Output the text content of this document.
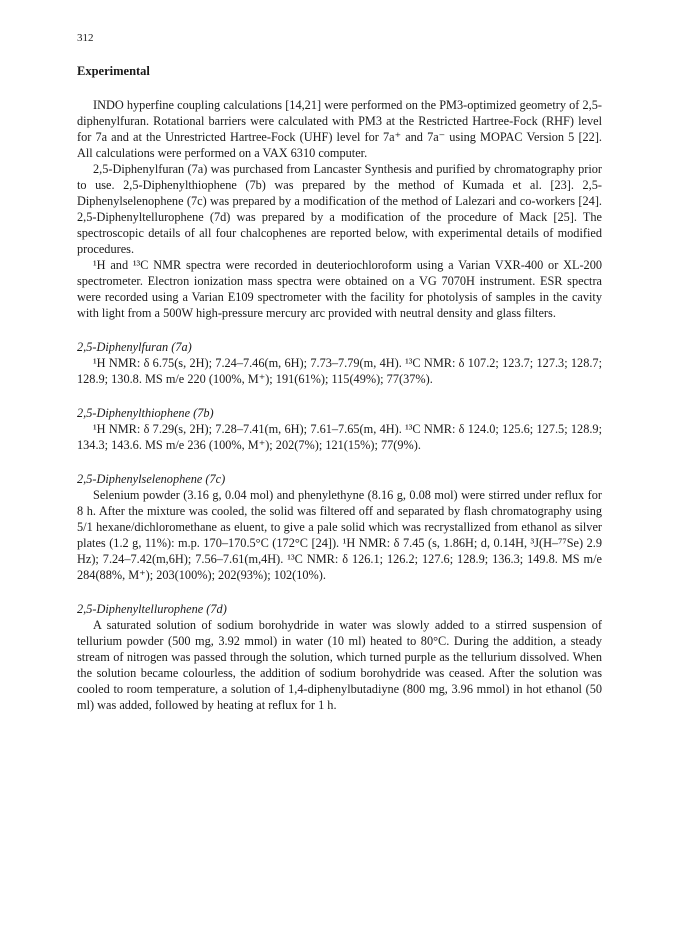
312
Experimental

INDO hyperfine coupling calculations [14,21] were performed on the PM3-optimized geometry of 2,5-diphenylfuran. Rotational barriers were calculated with PM3 at the Restricted Hartree-Fock (RHF) level for 7a and at the Unrestricted Hartree-Fock (UHF) level for 7a⁺ and 7a⁻ using MOPAC Version 5 [22]. All calculations were performed on a VAX 6310 computer.

2,5-Diphenylfuran (7a) was purchased from Lancaster Synthesis and purified by chromatography prior to use. 2,5-Diphenylthiophene (7b) was prepared by the method of Kumada et al. [23]. 2,5-Diphenylselenophene (7c) was prepared by a modification of the method of Lalezari and co-workers [24]. 2,5-Diphenyltellurophene (7d) was prepared by a modification of the procedure of Mack [25]. The spectroscopic details of all four chalcophenes are reported below, with experimental details of modified procedures.

¹H and ¹³C NMR spectra were recorded in deuteriochloroform using a Varian VXR-400 or XL-200 spectrometer. Electron ionization mass spectra were obtained on a VG 7070H instrument. ESR spectra were recorded using a Varian E109 spectrometer with the facility for photolysis of samples in the cavity with light from a 500W high-pressure mercury arc provided with neutral density and glass filters.

2,5-Diphenylfuran (7a)

¹H NMR: δ 6.75(s, 2H); 7.24–7.46(m, 6H); 7.73–7.79(m, 4H). ¹³C NMR: δ 107.2; 123.7; 127.3; 128.7; 128.9; 130.8. MS m/e 220 (100%, M⁺); 191(61%); 115(49%); 77(37%).

2,5-Diphenylthiophene (7b)

¹H NMR: δ 7.29(s, 2H); 7.28–7.41(m, 6H); 7.61–7.65(m, 4H). ¹³C NMR: δ 124.0; 125.6; 127.5; 128.9; 134.3; 143.6. MS m/e 236 (100%, M⁺); 202(7%); 121(15%); 77(9%).

2,5-Diphenylselenophene (7c)

Selenium powder (3.16 g, 0.04 mol) and phenylethyne (8.16 g, 0.08 mol) were stirred under reflux for 8 h. After the mixture was cooled, the solid was filtered off and separated by flash chromatography using 5/1 hexane/dichloromethane as eluent, to give a pale solid which was recrystallized from ethanol as silver plates (1.2 g, 11%): m.p. 170–170.5°C (172°C [24]). ¹H NMR: δ 7.45 (s, 1.86H; d, 0.14H, ³J(H–⁷⁷Se) 2.9 Hz); 7.24–7.42(m,6H); 7.56–7.61(m,4H). ¹³C NMR: δ 126.1; 126.2; 127.6; 128.9; 136.3; 149.8. MS m/e 284(88%, M⁺); 203(100%); 202(93%); 102(10%).

2,5-Diphenyltellurophene (7d)

A saturated solution of sodium borohydride in water was slowly added to a stirred suspension of tellurium powder (500 mg, 3.92 mmol) in water (10 ml) heated to 80°C. During the addition, a steady stream of nitrogen was passed through the solution, which turned purple as the tellurium dissolved. When the solution became colourless, the addition of sodium borohydride was ceased. After the solution was cooled to room temperature, a solution of 1,4-diphenylbutadiyne (800 mg, 3.96 mmol) in hot ethanol (50 ml) was added, followed by heating at reflux for 1 h.
